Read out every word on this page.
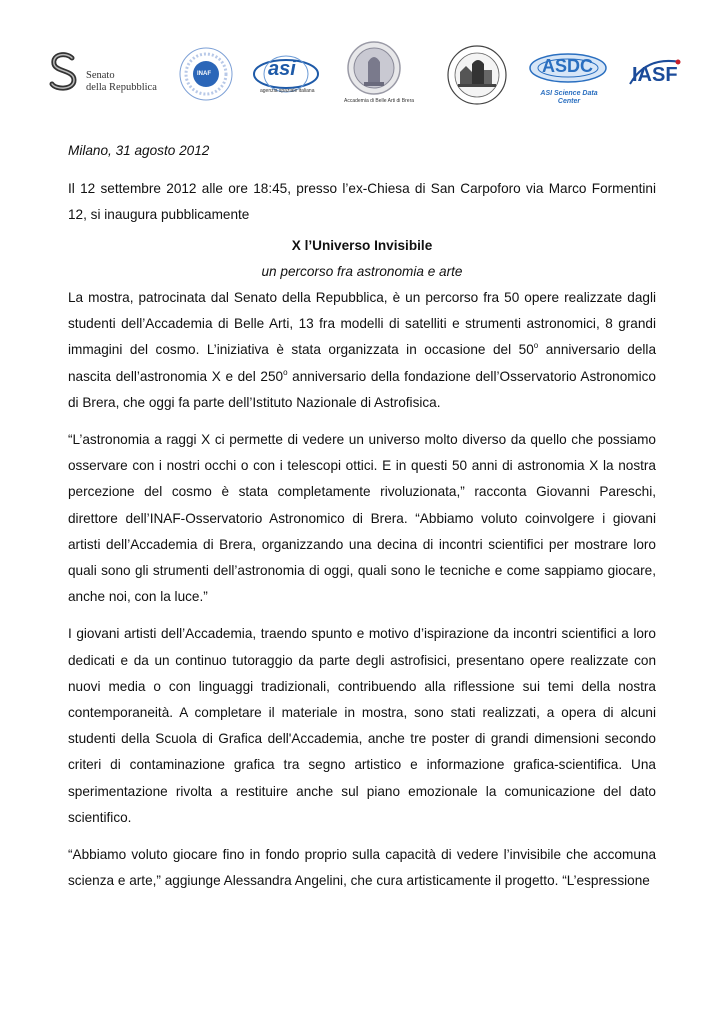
Senato
della Repubblica
INAF	asi
agenzia spaziale italiana
Accademia di Belle Arti di Brera
ASDC
ASI Science Data Center
IASF

Milano, 31 agosto 2012

Il 12 settembre 2012 alle ore 18:45, presso l’ex-Chiesa di San Carpoforo via Marco Formentini 12, si inaugura pubblicamente

X l’Universo Invisibile

un percorso fra astronomia e arte

La mostra, patrocinata dal Senato della Repubblica, è un percorso fra 50 opere realizzate dagli studenti dell’Accademia di Belle Arti, 13 fra modelli di satelliti e strumenti astronomici, 8 grandi immagini del cosmo. L’iniziativa è stata organizzata in occasione del 50$^o$ anniversario della nascita dell’astronomia X e del 250$^o$ anniversario della fondazione dell’Osservatorio Astronomico di Brera, che oggi fa parte dell’Istituto Nazionale di Astrofisica.

“L’astronomia a raggi X ci permette di vedere un universo molto diverso da quello che possiamo osservare con i nostri occhi o con i telescopi ottici. E in questi 50 anni di astronomia X la nostra percezione del cosmo è stata completamente rivoluzionata,” racconta Giovanni Pareschi, direttore dell’INAF-Osservatorio Astronomico di Brera. “Abbiamo voluto coinvolgere i giovani artisti dell’Accademia di Brera, organizzando una decina di incontri scientifici per mostrare loro quali sono gli strumenti dell’astronomia di oggi, quali sono le tecniche e come sappiamo giocare, anche noi, con la luce.”

I giovani artisti dell’Accademia, traendo spunto e motivo d’ispirazione da incontri scientifici a loro dedicati e da un continuo tutoraggio da parte degli astrofisici, presentano opere realizzate con nuovi media o con linguaggi tradizionali, contribuendo alla riflessione sui temi della nostra contemporaneità. A completare il materiale in mostra, sono stati realizzati, a opera di alcuni studenti della Scuola di Grafica dell'Accademia, anche tre poster di grandi dimensioni secondo criteri di contaminazione grafica tra segno artistico e informazione grafica-scientifica. Una sperimentazione rivolta a restituire anche sul piano emozionale la comunicazione del dato scientifico.

“Abbiamo voluto giocare fino in fondo proprio sulla capacità di vedere l’invisibile che accomuna scienza e arte,” aggiunge Alessandra Angelini, che cura artisticamente il progetto. “L’espressione
